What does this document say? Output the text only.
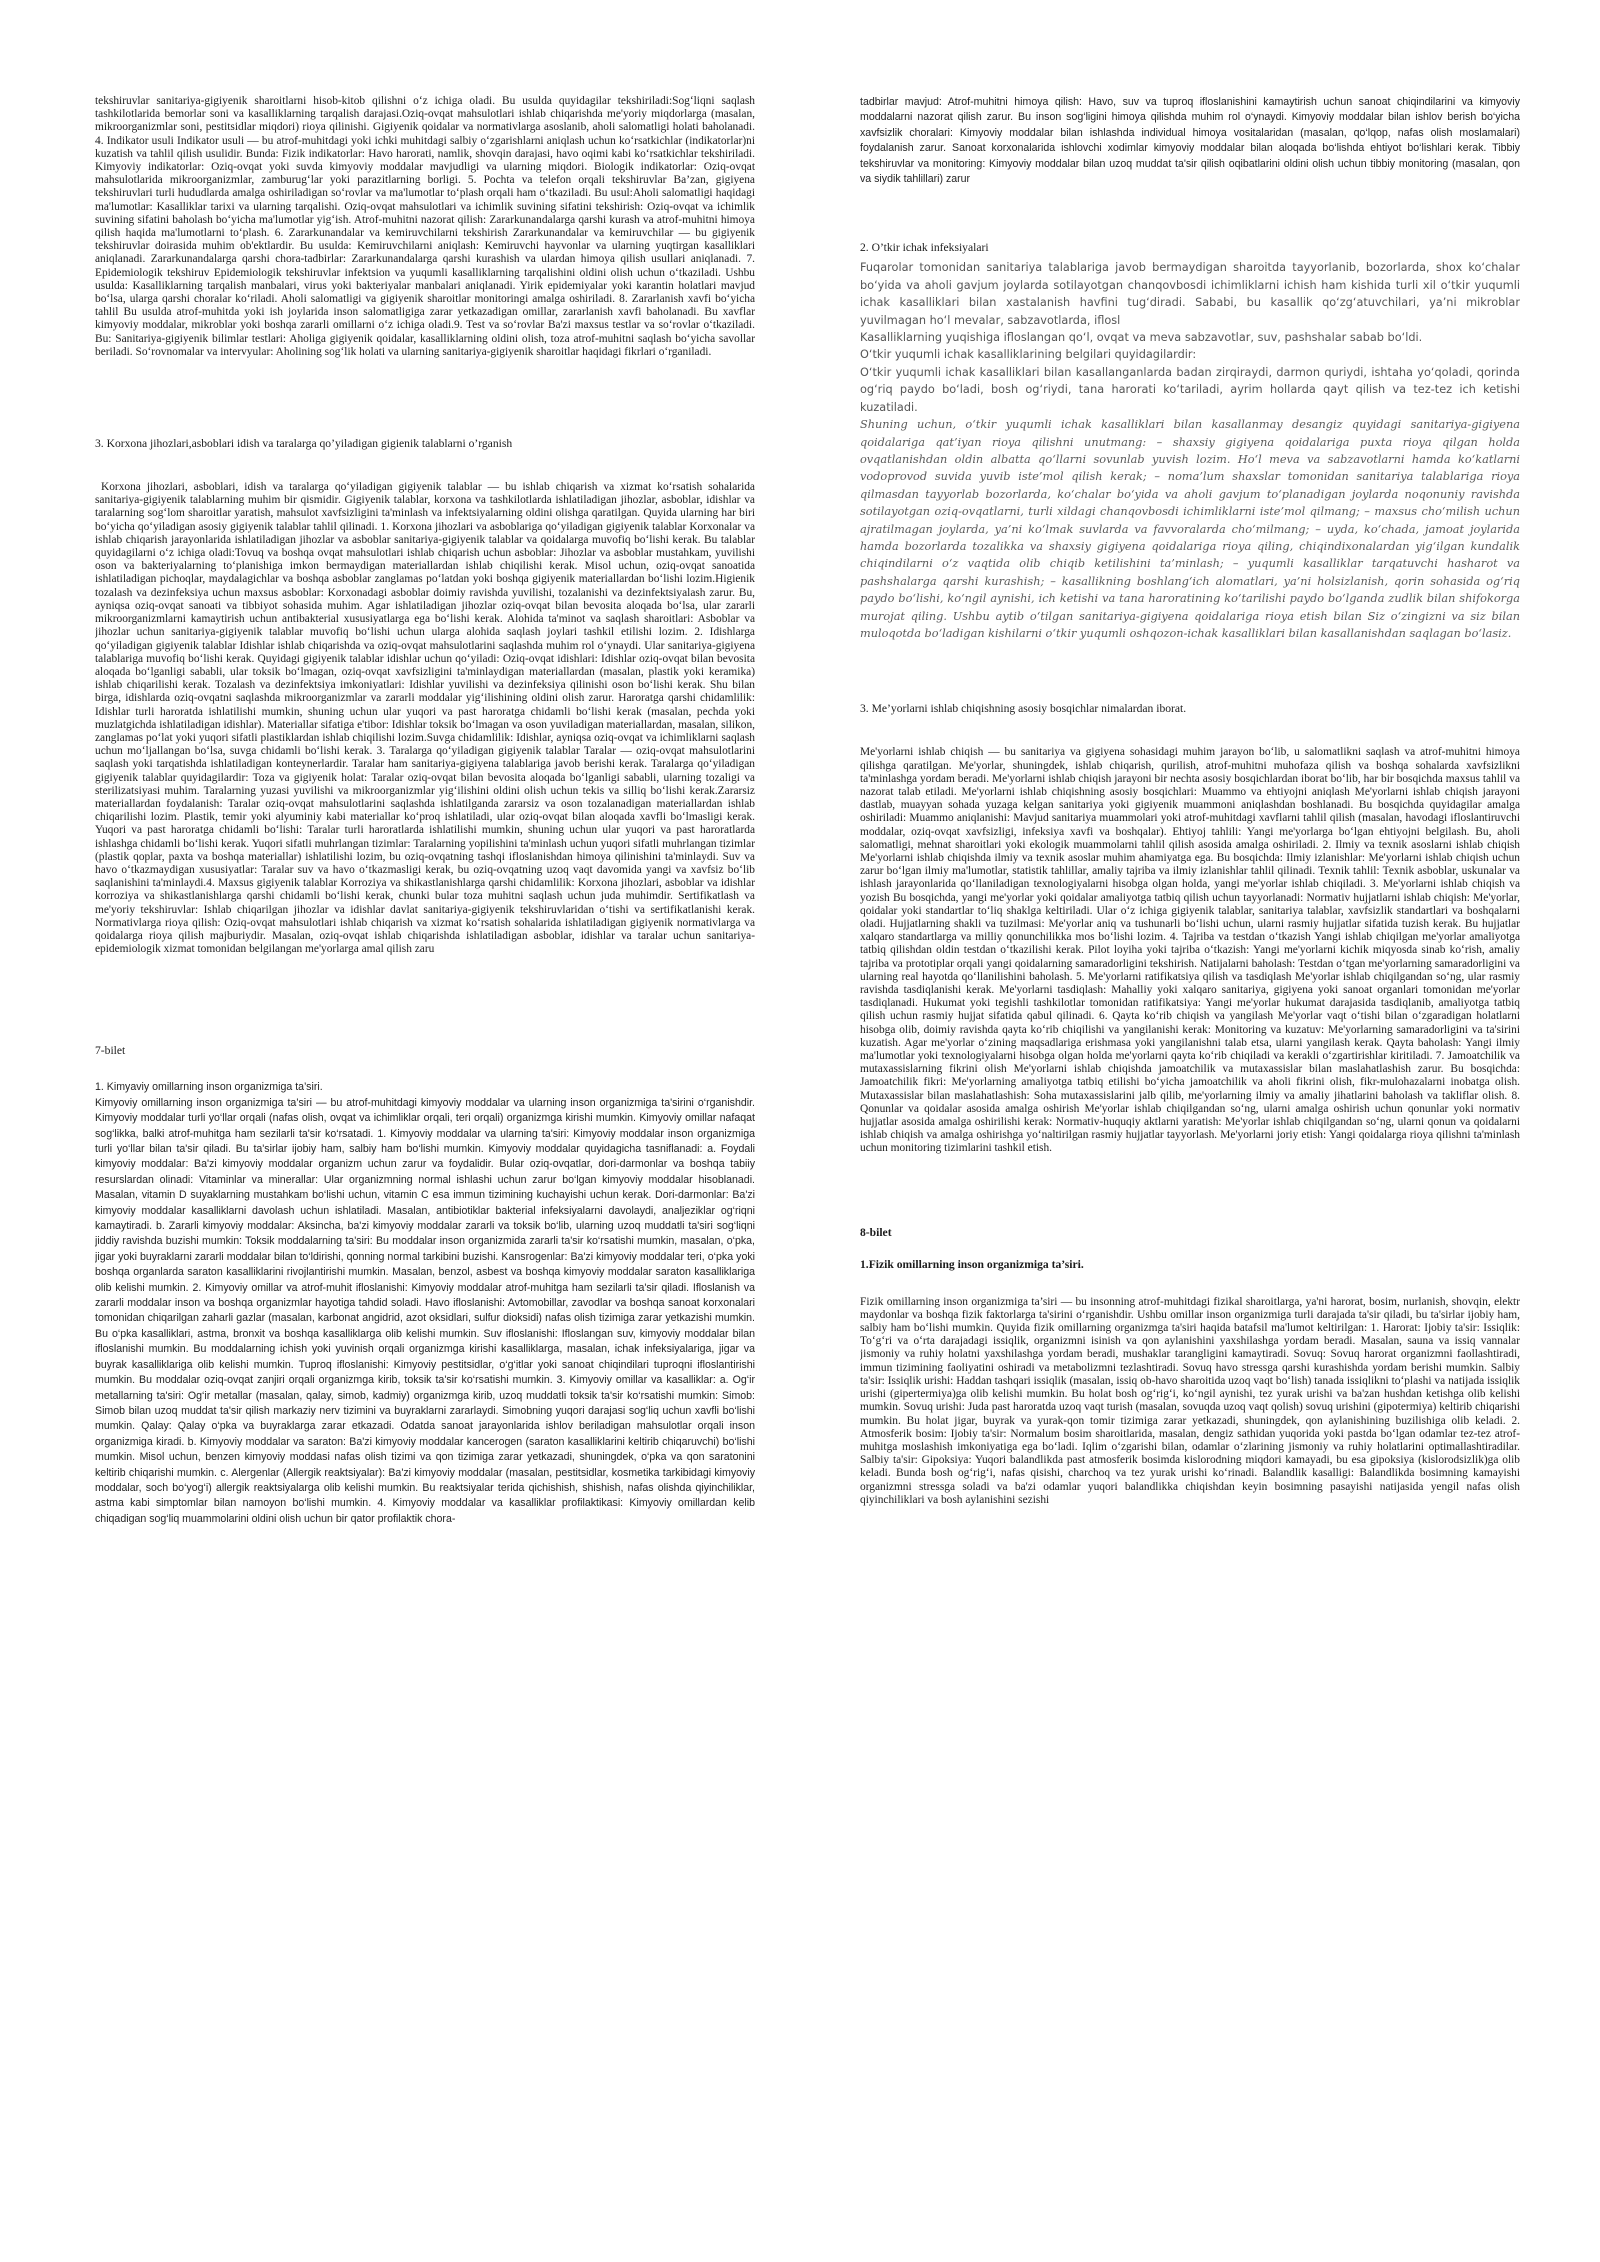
tekshiruvlar sanitariya-gigiyenik sharoitlarni hisob-kitob qilishni o‘z ichiga oladi. Bu usulda quyidagilar tekshiriladi:Sog‘liqni saqlash tashkilotlarida bemorlar soni va kasalliklarning tarqalish darajasi.Oziq-ovqat mahsulotlari ishlab chiqarishda me'yoriy miqdorlarga (masalan, mikroorganizmlar soni, pestitsidlar miqdori) rioya qilinishi. Gigiyenik qoidalar va normativlarga asoslanib, aholi salomatligi holati baholanadi. 4. Indikator usuli Indikator usuli — bu atrof-muhitdagi yoki ichki muhitdagi salbiy o‘zgarishlarni aniqlash uchun ko‘rsatkichlar (indikatorlar)ni kuzatish va tahlil qilish usulidir. Bunda: Fizik indikatorlar: Havo harorati, namlik, shovqin darajasi, havo oqimi kabi ko‘rsatkichlar tekshiriladi. Kimyoviy indikatorlar: Oziq-ovqat yoki suvda kimyoviy moddalar mavjudligi va ularning miqdori. Biologik indikatorlar: Oziq-ovqat mahsulotlarida mikroorganizmlar, zamburug‘lar yoki parazitlarning borligi. 5. Pochta va telefon orqali tekshiruvlar Ba’zan, gigiyena tekshiruvlari turli hududlarda amalga oshiriladigan so‘rovlar va ma'lumotlar to‘plash orqali ham o‘tkaziladi. Bu usul:Aholi salomatligi haqidagi ma'lumotlar: Kasalliklar tarixi va ularning tarqalishi. Oziq-ovqat mahsulotlari va ichimlik suvining sifatini tekshirish: Oziq-ovqat va ichimlik suvining sifatini baholash bo‘yicha ma'lumotlar yig‘ish. Atrof-muhitni nazorat qilish: Zararkunandalarga qarshi kurash va atrof-muhitni himoya qilish haqida ma'lumotlarni to‘plash. 6. Zararkunandalar va kemiruvchilarni tekshirish Zararkunandalar va kemiruvchilar — bu gigiyenik tekshiruvlar doirasida muhim ob'ektlardir. Bu usulda: Kemiruvchilarni aniqlash: Kemiruvchi hayvonlar va ularning yuqtirgan kasalliklari aniqlanadi. Zararkunandalarga qarshi chora-tadbirlar: Zararkunandalarga qarshi kurashish va ulardan himoya qilish usullari aniqlanadi. 7. Epidemiologik tekshiruv Epidemiologik tekshiruvlar infektsion va yuqumli kasalliklarning tarqalishini oldini olish uchun o‘tkaziladi. Ushbu usulda: Kasalliklarning tarqalish manbalari, virus yoki bakteriyalar manbalari aniqlanadi. Yirik epidemiyalar yoki karantin holatlari mavjud bo‘lsa, ularga qarshi choralar ko‘riladi. Aholi salomatligi va gigiyenik sharoitlar monitoringi amalga oshiriladi. 8. Zararlanish xavfi bo‘yicha tahlil Bu usulda atrof-muhitda yoki ish joylarida inson salomatligiga zarar yetkazadigan omillar, zararlanish xavfi baholanadi. Bu xavflar kimyoviy moddalar, mikroblar yoki boshqa zararli omillarni o‘z ichiga oladi.9. Test va so‘rovlar Ba'zi maxsus testlar va so‘rovlar o‘tkaziladi. Bu: Sanitariya-gigiyenik bilimlar testlari: Aholiga gigiyenik qoidalar, kasalliklarning oldini olish, toza atrof-muhitni saqlash bo‘yicha savollar beriladi. So‘rovnomalar va intervyular: Aholining sog‘lik holati va ularning sanitariya-gigiyenik sharoitlar haqidagi fikrlari o‘rganiladi.

3. Korxona jihozlari,asboblari idish va taralarga qo’yiladigan gigienik talablarni o’rganish

Korxona jihozlari, asboblari, idish va taralarga qo‘yiladigan gigiyenik talablar — bu ishlab chiqarish va xizmat ko‘rsatish sohalarida sanitariya-gigiyenik talablarning muhim bir qismidir. Gigiyenik talablar, korxona va tashkilotlarda ishlatiladigan jihozlar, asboblar, idishlar va taralarning sog‘lom sharoitlar yaratish, mahsulot xavfsizligini ta'minlash va infektsiyalarning oldini olishga qaratilgan. Quyida ularning har biri bo‘yicha qo‘yiladigan asosiy gigiyenik talablar tahlil qilinadi. 1. Korxona jihozlari va asboblariga qo‘yiladigan gigiyenik talablar Korxonalar va ishlab chiqarish jarayonlarida ishlatiladigan jihozlar va asboblar sanitariya-gigiyenik talablar va qoidalarga muvofiq bo‘lishi kerak. Bu talablar quyidagilarni o‘z ichiga oladi:Tovuq va boshqa ovqat mahsulotlari ishlab chiqarish uchun asboblar: Jihozlar va asboblar mustahkam, yuvilishi oson va bakteriyalarning to‘planishiga imkon bermaydigan materiallardan ishlab chiqilishi kerak. Misol uchun, oziq-ovqat sanoatida ishlatiladigan pichoqlar, maydalagichlar va boshqa asboblar zanglamas po‘latdan yoki boshqa gigiyenik materiallardan bo‘lishi lozim.Higienik tozalash va dezinfeksiya uchun maxsus asboblar: Korxonadagi asboblar doimiy ravishda yuvilishi, tozalanishi va dezinfektsiyalash zarur. Bu, ayniqsa oziq-ovqat sanoati va tibbiyot sohasida muhim. Agar ishlatiladigan jihozlar oziq-ovqat bilan bevosita aloqada bo‘lsa, ular zararli mikroorganizmlarni kamaytirish uchun antibakterial xususiyatlarga ega bo‘lishi kerak. Alohida ta'minot va saqlash sharoitlari: Asboblar va jihozlar uchun sanitariya-gigiyenik talablar muvofiq bo‘lishi uchun ularga alohida saqlash joylari tashkil etilishi lozim. 2. Idishlarga qo‘yiladigan gigiyenik talablar Idishlar ishlab chiqarishda va oziq-ovqat mahsulotlarini saqlashda muhim rol o‘ynaydi. Ular sanitariya-gigiyena talablariga muvofiq bo‘lishi kerak. Quyidagi gigiyenik talablar idishlar uchun qo‘yiladi: Oziq-ovqat idishlari: Idishlar oziq-ovqat bilan bevosita aloqada bo‘lganligi sababli, ular toksik bo‘lmagan, oziq-ovqat xavfsizligini ta'minlaydigan materiallardan (masalan, plastik yoki keramika) ishlab chiqarilishi kerak. Tozalash va dezinfektsiya imkoniyatlari: Idishlar yuvilishi va dezinfeksiya qilinishi oson bo‘lishi kerak. Shu bilan birga, idishlarda oziq-ovqatni saqlashda mikroorganizmlar va zararli moddalar yig‘ilishining oldini olish zarur. Haroratga qarshi chidamlilik: Idishlar turli haroratda ishlatilishi mumkin, shuning uchun ular yuqori va past haroratga chidamli bo‘lishi kerak (masalan, pechda yoki muzlatgichda ishlatiladigan idishlar). Materiallar sifatiga e'tibor: Idishlar toksik bo‘lmagan va oson yuviladigan materiallardan, masalan, silikon, zanglamas po‘lat yoki yuqori sifatli plastiklardan ishlab chiqilishi lozim.Suvga chidamlilik: Idishlar, ayniqsa oziq-ovqat va ichimliklarni saqlash uchun mo‘ljallangan bo‘lsa, suvga chidamli bo‘lishi kerak. 3. Taralarga qo‘yiladigan gigiyenik talablar Taralar — oziq-ovqat mahsulotlarini saqlash yoki tarqatishda ishlatiladigan konteynerlardir. Taralar ham sanitariya-gigiyena talablariga javob berishi kerak. Taralarga qo‘yiladigan gigiyenik talablar quyidagilardir: Toza va gigiyenik holat: Taralar oziq-ovqat bilan bevosita aloqada bo‘lganligi sababli, ularning tozaligi va sterilizatsiyasi muhim. Taralarning yuzasi yuvilishi va mikroorganizmlar yig‘ilishini oldini olish uchun tekis va silliq bo‘lishi kerak.Zararsiz materiallardan foydalanish: Taralar oziq-ovqat mahsulotlarini saqlashda ishlatilganda zararsiz va oson tozalanadigan materiallardan ishlab chiqarilishi lozim. Plastik, temir yoki alyuminiy kabi materiallar ko‘proq ishlatiladi, ular oziq-ovqat bilan aloqada xavfli bo‘lmasligi kerak. Yuqori va past haroratga chidamli bo‘lishi: Taralar turli haroratlarda ishlatilishi mumkin, shuning uchun ular yuqori va past haroratlarda ishlashga chidamli bo‘lishi kerak. Yuqori sifatli muhrlangan tizimlar: Taralarning yopilishini ta'minlash uchun yuqori sifatli muhrlangan tizimlar (plastik qoplar, paxta va boshqa materiallar) ishlatilishi lozim, bu oziq-ovqatning tashqi ifloslanishdan himoya qilinishini ta'minlaydi. Suv va havo o‘tkazmaydigan xususiyatlar: Taralar suv va havo o‘tkazmasligi kerak, bu oziq-ovqatning uzoq vaqt davomida yangi va xavfsiz bo‘lib saqlanishini ta'minlaydi.4. Maxsus gigiyenik talablar Korroziya va shikastlanishlarga qarshi chidamlilik: Korxona jihozlari, asboblar va idishlar korroziya va shikastlanishlarga qarshi chidamli bo‘lishi kerak, chunki bular toza muhitni saqlash uchun juda muhimdir. Sertifikatlash va me'yoriy tekshiruvlar: Ishlab chiqarilgan jihozlar va idishlar davlat sanitariya-gigiyenik tekshiruvlaridan o‘tishi va sertifikatlanishi kerak. Normativlarga rioya qilish: Oziq-ovqat mahsulotlari ishlab chiqarish va xizmat ko‘rsatish sohalarida ishlatiladigan gigiyenik normativlarga va qoidalarga rioya qilish majburiydir. Masalan, oziq-ovqat ishlab chiqarishda ishlatiladigan asboblar, idishlar va taralar uchun sanitariya-epidemiologik xizmat tomonidan belgilangan me'yorlarga amal qilish zaru

7-bilet

1. Kimyaviy omillarning inson organizmiga ta’siri.

Kimyoviy omillarning inson organizmiga ta’siri — bu atrof-muhitdagi kimyoviy moddalar va ularning inson organizmiga ta'sirini o‘rganishdir. Kimyoviy moddalar turli yo‘llar orqali (nafas olish, ovqat va ichimliklar orqali, teri orqali) organizmga kirishi mumkin. Kimyoviy omillar nafaqat sog‘likka, balki atrof-muhitga ham sezilarli ta'sir ko‘rsatadi. 1. Kimyoviy moddalar va ularning ta'siri: Kimyoviy moddalar inson organizmiga turli yo‘llar bilan ta'sir qiladi. Bu ta'sirlar ijobiy ham, salbiy ham bo‘lishi mumkin. Kimyoviy moddalar quyidagicha tasniflanadi: a. Foydali kimyoviy moddalar: Ba'zi kimyoviy moddalar organizm uchun zarur va foydalidir. Bular oziq-ovqatlar, dori-darmonlar va boshqa tabiiy resurslardan olinadi: Vitaminlar va minerallar: Ular organizmning normal ishlashi uchun zarur bo‘lgan kimyoviy moddalar hisoblanadi. Masalan, vitamin D suyaklarning mustahkam bo‘lishi uchun, vitamin C esa immun tizimining kuchayishi uchun kerak. Dori-darmonlar: Ba'zi kimyoviy moddalar kasalliklarni davolash uchun ishlatiladi. Masalan, antibiotiklar bakterial infeksiyalarni davolaydi, analjeziklar og‘riqni kamaytiradi. b. Zararli kimyoviy moddalar: Aksincha, ba'zi kimyoviy moddalar zararli va toksik bo‘lib, ularning uzoq muddatli ta'siri sog‘liqni jiddiy ravishda buzishi mumkin: Toksik moddalarning ta'siri: Bu moddalar inson organizmida zararli ta'sir ko‘rsatishi mumkin, masalan, o‘pka, jigar yoki buyraklarni zararli moddalar bilan to‘ldirishi, qonning normal tarkibini buzishi. Kansrogenlar: Ba'zi kimyoviy moddalar teri, o‘pka yoki boshqa organlarda saraton kasalliklarini rivojlantirishi mumkin. Masalan, benzol, asbest va boshqa kimyoviy moddalar saraton kasalliklariga olib kelishi mumkin. 2. Kimyoviy omillar va atrof-muhit ifloslanishi: Kimyoviy moddalar atrof-muhitga ham sezilarli ta'sir qiladi. Ifloslanish va zararli moddalar inson va boshqa organizmlar hayotiga tahdid soladi. Havo ifloslanishi: Avtomobillar, zavodlar va boshqa sanoat korxonalari tomonidan chiqarilgan zaharli gazlar (masalan, karbonat angidrid, azot oksidlari, sulfur dioksidi) nafas olish tizimiga zarar yetkazishi mumkin. Bu o‘pka kasalliklari, astma, bronxit va boshqa kasalliklarga olib kelishi mumkin. Suv ifloslanishi: Ifloslangan suv, kimyoviy moddalar bilan ifloslanishi mumkin. Bu moddalarning ichish yoki yuvinish orqali organizmga kirishi kasalliklarga, masalan, ichak infeksiyalariga, jigar va buyrak kasalliklariga olib kelishi mumkin. Tuproq ifloslanishi: Kimyoviy pestitsidlar, o‘g‘itlar yoki sanoat chiqindilari tuproqni ifloslantirishi mumkin. Bu moddalar oziq-ovqat zanjiri orqali organizmga kirib, toksik ta'sir ko‘rsatishi mumkin. 3. Kimyoviy omillar va kasalliklar: a. Og‘ir metallarning ta'siri: Og‘ir metallar (masalan, qalay, simob, kadmiy) organizmga kirib, uzoq muddatli toksik ta'sir ko‘rsatishi mumkin: Simob: Simob bilan uzoq muddat ta'sir qilish markaziy nerv tizimini va buyraklarni zararlaydi. Simobning yuqori darajasi sog‘liq uchun xavfli bo‘lishi mumkin. Qalay: Qalay o‘pka va buyraklarga zarar etkazadi. Odatda sanoat jarayonlarida ishlov beriladigan mahsulotlar orqali inson organizmiga kiradi. b. Kimyoviy moddalar va saraton: Ba'zi kimyoviy moddalar kancerogen (saraton kasalliklarini keltirib chiqaruvchi) bo‘lishi mumkin. Misol uchun, benzen kimyoviy moddasi nafas olish tizimi va qon tizimiga zarar yetkazadi, shuningdek, o‘pka va qon saratonini keltirib chiqarishi mumkin. c. Alergenlar (Allergik reaktsiyalar): Ba'zi kimyoviy moddalar (masalan, pestitsidlar, kosmetika tarkibidagi kimyoviy moddalar, soch bo‘yog‘i) allergik reaktsiyalarga olib kelishi mumkin. Bu reaktsiyalar terida qichishish, shishish, nafas olishda qiyinchiliklar, astma kabi simptomlar bilan namoyon bo‘lishi mumkin. 4. Kimyoviy moddalar va kasalliklar profilaktikasi: Kimyoviy omillardan kelib chiqadigan sog‘liq muammolarini oldini olish uchun bir qator profilaktik chora-

tadbirlar mavjud: Atrof-muhitni himoya qilish: Havo, suv va tuproq ifloslanishini kamaytirish uchun sanoat chiqindilarini va kimyoviy moddalarni nazorat qilish zarur. Bu inson sog‘ligini himoya qilishda muhim rol o‘ynaydi. Kimyoviy moddalar bilan ishlov berish bo‘yicha xavfsizlik choralari: Kimyoviy moddalar bilan ishlashda individual himoya vositalaridan (masalan, qo‘lqop, nafas olish moslamalari) foydalanish zarur. Sanoat korxonalarida ishlovchi xodimlar kimyoviy moddalar bilan aloqada bo‘lishda ehtiyot bo‘lishlari kerak. Tibbiy tekshiruvlar va monitoring: Kimyoviy moddalar bilan uzoq muddat ta'sir qilish oqibatlarini oldini olish uchun tibbiy monitoring (masalan, qon va siydik tahlillari) zarur

2. O’tkir ichak infeksiyalari

Fuqarolar tomonidan sanitariya talablariga javob bermaydigan sharoitda tayyorlanib, bozorlarda, shox ko‘chalar bo‘yida va aholi gavjum joylarda sotilayotgan chanqovbosdi ichimliklarni ichish ham kishida turli xil o‘tkir yuqumli ichak kasalliklari bilan xastalanish havfini tug‘diradi. Sababi, bu kasallik qo‘zg‘atuvchilari, ya’ni mikroblar yuvilmagan ho‘l mevalar, sabzavotlarda, iflosl

Kasalliklarning yuqishiga ifloslangan qo‘l, ovqat va meva sabzavotlar, suv, pashshalar sabab bo‘ldi.

O‘tkir yuqumli ichak kasalliklarining belgilari quyidagilardir:

O‘tkir yuqumli ichak kasalliklari bilan kasallanganlarda badan zirqiraydi, darmon quriydi, ishtaha yo‘qoladi, qorinda og‘riq paydo bo‘ladi, bosh og‘riydi, tana harorati ko‘tariladi, ayrim hollarda qayt qilish va tez-tez ich ketishi kuzatiladi.

Shuning uchun, o‘tkir yuqumli ichak kasalliklari bilan kasallanmay desangiz quyidagi sanitariya-gigiyena qoidalariga qat’iyan rioya qilishni unutmang: – shaxsiy gigiyena qoidalariga puxta rioya qilgan holda ovqatlanishdan oldin albatta qo‘llarni sovunlab yuvish lozim. Ho‘l meva va sabzavotlarni hamda ko‘katlarni vodoprovod suvida yuvib iste’mol qilish kerak; – noma’lum shaxslar tomonidan sanitariya talablariga rioya qilmasdan tayyorlab bozorlarda, ko‘chalar bo‘yida va aholi gavjum to‘planadigan joylarda noqonuniy ravishda sotilayotgan oziq-ovqatlarni, turli xildagi chanqovbosdi ichimliklarni iste’mol qilmang; – maxsus cho‘milish uchun ajratilmagan joylarda, ya’ni ko‘lmak suvlarda va favvoralarda cho‘milmang; – uyda, ko‘chada, jamoat joylarida hamda bozorlarda tozalikka va shaxsiy gigiyena qoidalariga rioya qiling, chiqindixonalardan yig‘ilgan kundalik chiqindilarni o‘z vaqtida olib chiqib ketilishini ta’minlash; – yuqumli kasalliklar tarqatuvchi hasharot va pashshalarga qarshi kurashish; – kasallikning boshlang‘ich alomatlari, ya’ni holsizlanish, qorin sohasida og‘riq paydo bo‘lishi, ko‘ngil aynishi, ich ketishi va tana haroratining ko‘tarilishi paydo bo‘lganda zudlik bilan shifokorga murojat qiling. Ushbu aytib o‘tilgan sanitariya-gigiyena qoidalariga rioya etish bilan Siz o‘zingizni va siz bilan muloqotda bo‘ladigan kishilarni o‘tkir yuqumli oshqozon-ichak kasalliklari bilan kasallanishdan saqlagan bo‘lasiz.

3. Me’yorlarni ishlab chiqishning asosiy bosqichlar nimalardan iborat.

Me'yorlarni ishlab chiqish — bu sanitariya va gigiyena sohasidagi muhim jarayon bo‘lib, u salomatlikni saqlash va atrof-muhitni himoya qilishga qaratilgan. Me'yorlar, shuningdek, ishlab chiqarish, qurilish, atrof-muhitni muhofaza qilish va boshqa sohalarda xavfsizlikni ta'minlashga yordam beradi. Me'yorlarni ishlab chiqish jarayoni bir nechta asosiy bosqichlardan iborat bo‘lib, har bir bosqichda maxsus tahlil va nazorat talab etiladi. Me'yorlarni ishlab chiqishning asosiy bosqichlari: Muammo va ehtiyojni aniqlash Me'yorlarni ishlab chiqish jarayoni dastlab, muayyan sohada yuzaga kelgan sanitariya yoki gigiyenik muammoni aniqlashdan boshlanadi. Bu bosqichda quyidagilar amalga oshiriladi: Muammo aniqlanishi: Mavjud sanitariya muammolari yoki atrof-muhitdagi xavflarni tahlil qilish (masalan, havodagi ifloslantiruvchi moddalar, oziq-ovqat xavfsizligi, infeksiya xavfi va boshqalar). Ehtiyoj tahlili: Yangi me'yorlarga bo‘lgan ehtiyojni belgilash. Bu, aholi salomatligi, mehnat sharoitlari yoki ekologik muammolarni tahlil qilish asosida amalga oshiriladi. 2. Ilmiy va texnik asoslarni ishlab chiqish Me'yorlarni ishlab chiqishda ilmiy va texnik asoslar muhim ahamiyatga ega. Bu bosqichda: Ilmiy izlanishlar: Me'yorlarni ishlab chiqish uchun zarur bo‘lgan ilmiy ma'lumotlar, statistik tahlillar, amaliy tajriba va ilmiy izlanishlar tahlil qilinadi. Texnik tahlil: Texnik asboblar, uskunalar va ishlash jarayonlarida qo‘llaniladigan texnologiyalarni hisobga olgan holda, yangi me'yorlar ishlab chiqiladi. 3. Me'yorlarni ishlab chiqish va yozish Bu bosqichda, yangi me'yorlar yoki qoidalar amaliyotga tatbiq qilish uchun tayyorlanadi: Normativ hujjatlarni ishlab chiqish: Me'yorlar, qoidalar yoki standartlar to‘liq shaklga keltiriladi. Ular o‘z ichiga gigiyenik talablar, sanitariya talablar, xavfsizlik standartlari va boshqalarni oladi. Hujjatlarning shakli va tuzilmasi: Me'yorlar aniq va tushunarli bo‘lishi uchun, ularni rasmiy hujjatlar sifatida tuzish kerak. Bu hujjatlar xalqaro standartlarga va milliy qonunchilikka mos bo‘lishi lozim. 4. Tajriba va testdan o‘tkazish Yangi ishlab chiqilgan me'yorlar amaliyotga tatbiq qilishdan oldin testdan o‘tkazilishi kerak. Pilot loyiha yoki tajriba o‘tkazish: Yangi me'yorlarni kichik miqyosda sinab ko‘rish, amaliy tajriba va prototiplar orqali yangi qoidalarning samaradorligini tekshirish. Natijalarni baholash: Testdan o‘tgan me'yorlarning samaradorligini va ularning real hayotda qo‘llanilishini baholash. 5. Me'yorlarni ratifikatsiya qilish va tasdiqlash Me'yorlar ishlab chiqilgandan so‘ng, ular rasmiy ravishda tasdiqlanishi kerak. Me'yorlarni tasdiqlash: Mahalliy yoki xalqaro sanitariya, gigiyena yoki sanoat organlari tomonidan me'yorlar tasdiqlanadi. Hukumat yoki tegishli tashkilotlar tomonidan ratifikatsiya: Yangi me'yorlar hukumat darajasida tasdiqlanib, amaliyotga tatbiq qilish uchun rasmiy hujjat sifatida qabul qilinadi. 6. Qayta ko‘rib chiqish va yangilash Me'yorlar vaqt o‘tishi bilan o‘zgaradigan holatlarni hisobga olib, doimiy ravishda qayta ko‘rib chiqilishi va yangilanishi kerak: Monitoring va kuzatuv: Me'yorlarning samaradorligini va ta'sirini kuzatish. Agar me'yorlar o‘zining maqsadlariga erishmasa yoki yangilanishni talab etsa, ularni yangilash kerak. Qayta baholash: Yangi ilmiy ma'lumotlar yoki texnologiyalarni hisobga olgan holda me'yorlarni qayta ko‘rib chiqiladi va kerakli o‘zgartirishlar kiritiladi. 7. Jamoatchilik va mutaxassislarning fikrini olish Me'yorlarni ishlab chiqishda jamoatchilik va mutaxassislar bilan maslahatlashish zarur. Bu bosqichda: Jamoatchilik fikri: Me'yorlarning amaliyotga tatbiq etilishi bo‘yicha jamoatchilik va aholi fikrini olish, fikr-mulohazalarni inobatga olish. Mutaxassislar bilan maslahatlashish: Soha mutaxassislarini jalb qilib, me'yorlarning ilmiy va amaliy jihatlarini baholash va takliflar olish. 8. Qonunlar va qoidalar asosida amalga oshirish Me'yorlar ishlab chiqilgandan so‘ng, ularni amalga oshirish uchun qonunlar yoki normativ hujjatlar asosida amalga oshirilishi kerak: Normativ-huquqiy aktlarni yaratish: Me'yorlar ishlab chiqilgandan so‘ng, ularni qonun va qoidalarni ishlab chiqish va amalga oshirishga yo‘naltirilgan rasmiy hujjatlar tayyorlash. Me'yorlarni joriy etish: Yangi qoidalarga rioya qilishni ta'minlash uchun monitoring tizimlarini tashkil etish.

8-bilet

1.Fizik omillarning inson organizmiga ta’siri.

Fizik omillarning inson organizmiga ta’siri — bu insonning atrof-muhitdagi fizikal sharoitlarga, ya'ni harorat, bosim, nurlanish, shovqin, elektr maydonlar va boshqa fizik faktorlarga ta'sirini o‘rganishdir. Ushbu omillar inson organizmiga turli darajada ta'sir qiladi, bu ta'sirlar ijobiy ham, salbiy ham bo‘lishi mumkin. Quyida fizik omillarning organizmga ta'siri haqida batafsil ma'lumot keltirilgan: 1. Harorat: Ijobiy ta'sir: Issiqlik: To‘g‘ri va o‘rta darajadagi issiqlik, organizmni isinish va qon aylanishini yaxshilashga yordam beradi. Masalan, sauna va issiq vannalar jismoniy va ruhiy holatni yaxshilashga yordam beradi, mushaklar tarangligini kamaytiradi. Sovuq: Sovuq harorat organizmni faollashtiradi, immun tizimining faoliyatini oshiradi va metabolizmni tezlashtiradi. Sovuq havo stressga qarshi kurashishda yordam berishi mumkin. Salbiy ta'sir: Issiqlik urishi: Haddan tashqari issiqlik (masalan, issiq ob-havo sharoitida uzoq vaqt bo‘lish) tanada issiqlikni to‘plashi va natijada issiqlik urishi (gipertermiya)ga olib kelishi mumkin. Bu holat bosh og‘rig‘i, ko‘ngil aynishi, tez yurak urishi va ba'zan hushdan ketishga olib kelishi mumkin. Sovuq urishi: Juda past haroratda uzoq vaqt turish (masalan, sovuqda uzoq vaqt qolish) sovuq urishini (gipotermiya) keltirib chiqarishi mumkin. Bu holat jigar, buyrak va yurak-qon tomir tizimiga zarar yetkazadi, shuningdek, qon aylanishining buzilishiga olib keladi. 2. Atmosferik bosim: Ijobiy ta'sir: Normalum bosim sharoitlarida, masalan, dengiz sathidan yuqorida yoki pastda bo‘lgan odamlar tez-tez atrof-muhitga moslashish imkoniyatiga ega bo‘ladi. Iqlim o‘zgarishi bilan, odamlar o‘zlarining jismoniy va ruhiy holatlarini optimallashtiradilar. Salbiy ta'sir: Gipoksiya: Yuqori balandlikda past atmosferik bosimda kislorodning miqdori kamayadi, bu esa gipoksiya (kislorodsizlik)ga olib keladi. Bunda bosh og‘rig‘i, nafas qisishi, charchoq va tez yurak urishi ko‘rinadi. Balandlik kasalligi: Balandlikda bosimning kamayishi organizmni stressga soladi va ba'zi odamlar yuqori balandlikka chiqishdan keyin bosimning pasayishi natijasida yengil nafas olish qiyinchiliklari va bosh aylanishini sezishi
